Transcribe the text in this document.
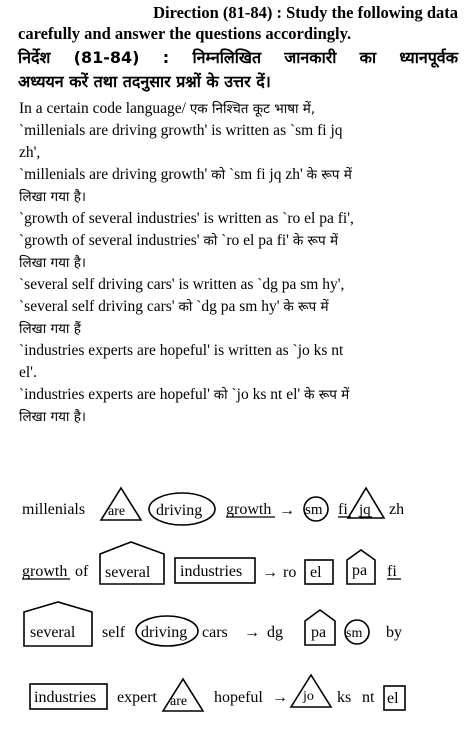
Direction (81-84) : Study the following data
carefully and answer the questions accordingly.
निर्देश (81-84) : निम्नलिखित जानकारी का ध्यानपूर्वक
अध्ययन करें तथा तदनुसार प्रश्नों के उत्तर दें।
In a certain code language/ एक निश्चित कूट भाषा में,
`millenials are driving growth' is written as `sm fi jq
zh',
`millenials are driving growth' को `sm fi jq zh' के रूप में
लिखा गया है।
`growth of several industries' is written as `ro el pa fi',
`growth of several industries' को `ro el pa fi' के रूप में
लिखा गया है।
`several self driving cars' is written as `dg pa sm hy',
`several self driving cars' को `dg pa sm hy' के रूप में
लिखा गया हैं
`industries experts are hopeful' is written as `jo ks nt
el'.
`industries experts are hopeful' को `jo ks nt el' के रूप में
लिखा गया है।
millenials are driving growth → sm fi jq zh
growth of several industries → ro el pa fi
several self driving cars → dg pa sm by
industries expert are hopeful → jo ks nt el
